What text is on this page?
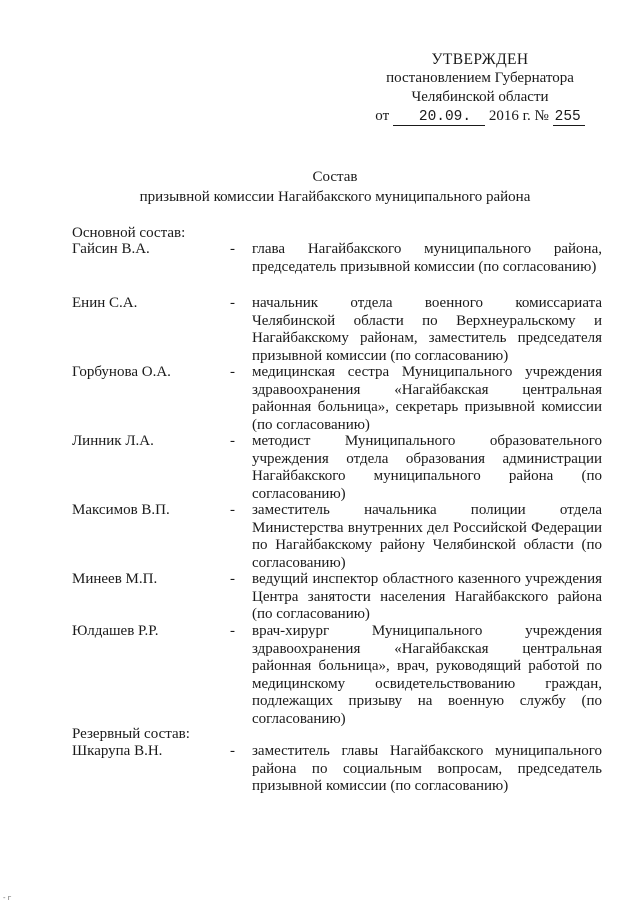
УТВЕРЖДЕН
постановлением Губернатора
Челябинской области
от 20.09. 2016 г. № 255
Состав
призывной комиссии Нагайбакского муниципального района
Основной состав:
Гайсин В.А.	- глава Нагайбакского муниципального района, председатель призывной комиссии (по согласованию)
Енин С.А.	- начальник отдела военного комиссариата Челябинской области по Верхнеуральскому и Нагайбакскому районам, заместитель председателя призывной комиссии (по согласованию)
Горбунова О.А.	- медицинская сестра Муниципального учреждения здравоохранения «Нагайбакская центральная районная больница», секретарь призывной комиссии (по согласованию)
Линник Л.А.	- методист Муниципального образовательного учреждения отдела образования администрации Нагайбакского муниципального района (по согласованию)
Максимов В.П.	- заместитель начальника полиции отдела Министерства внутренних дел Российской Федерации по Нагайбакскому району Челябинской области (по согласованию)
Минеев М.П.	- ведущий инспектор областного казенного учреждения Центра занятости населения Нагайбакского района (по согласованию)
Юлдашев Р.Р.	- врач-хирург Муниципального учреждения здравоохранения «Нагайбакская центральная районная больница», врач, руководящий работой по медицинскому освидетельствованию граждан, подлежащих призыву на военную службу (по согласованию)
Резервный состав:
Шкарупа В.Н.	- заместитель главы Нагайбакского муниципального района по социальным вопросам, председатель призывной комиссии (по согласованию)
- г
